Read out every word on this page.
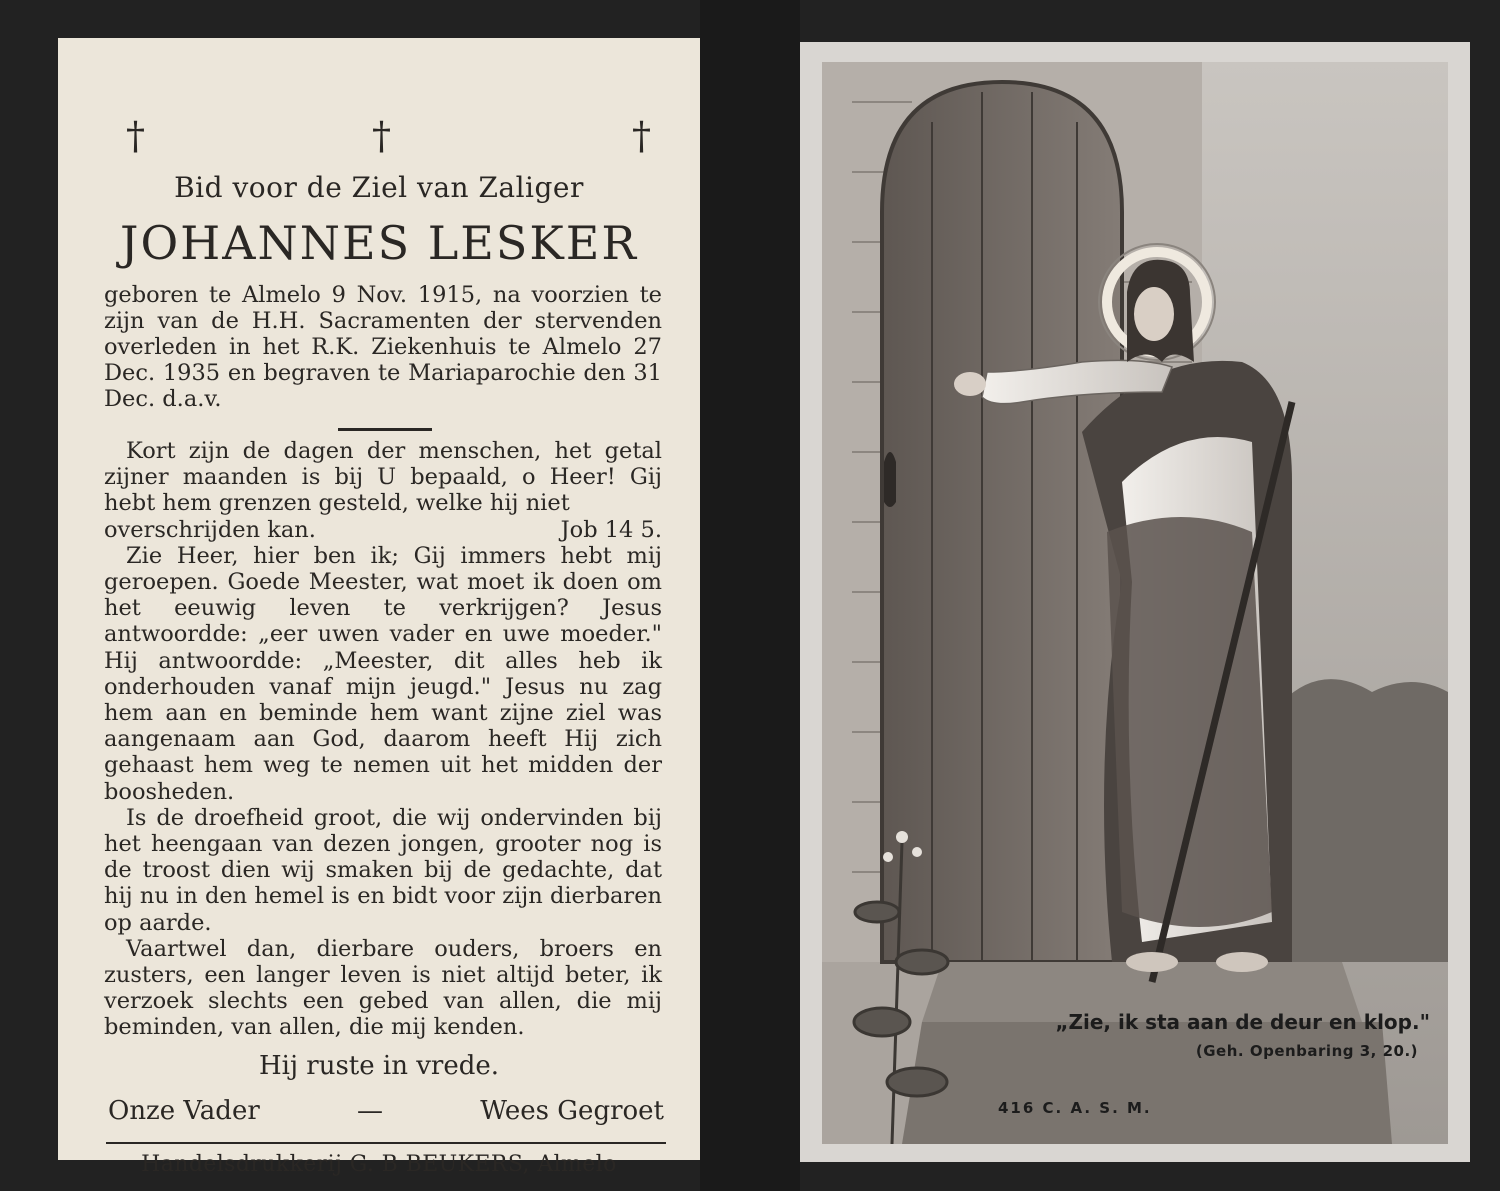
†	†	†
Bid voor de Ziel van Zaliger
JOHANNES LESKER
geboren te Almelo 9 Nov. 1915, na voorzien te zijn van de H.H. Sacramenten der stervenden overleden in het R.K. Ziekenhuis te Almelo 27 Dec. 1935 en begraven te Mariaparochie den 31 Dec. d.a.v.

Kort zijn de dagen der menschen, het getal zijner maanden is bij U bepaald, o Heer! Gij hebt hem grenzen gesteld, welke hij niet

overschrijden kan.	Job 14 5.

Zie Heer, hier ben ik; Gij immers hebt mij geroepen. Goede Meester, wat moet ik doen om het eeuwig leven te verkrijgen? Jesus antwoordde: „eer uwen vader en uwe moeder." Hij antwoordde: „Meester, dit alles heb ik onderhouden vanaf mijn jeugd." Jesus nu zag hem aan en beminde hem want zijne ziel was aangenaam aan God, daarom heeft Hij zich gehaast hem weg te nemen uit het midden der boosheden.

Is de droefheid groot, die wij ondervinden bij het heengaan van dezen jongen, grooter nog is de troost dien wij smaken bij de gedachte, dat hij nu in den hemel is en bidt voor zijn dierbaren op aarde.

Vaartwel dan, dierbare ouders, broers en zusters, een langer leven is niet altijd beter, ik verzoek slechts een gebed van allen, die mij beminden, van allen, die mij kenden.

Hij ruste in vrede.
Onze Vader	—	Wees Gegroet
Handelsdrukkerij G. B BEUKERS, Almelo
„Zie, ik sta aan de deur en klop."
(Geh. Openbaring 3, 20.)
416 C. A. S. M.
